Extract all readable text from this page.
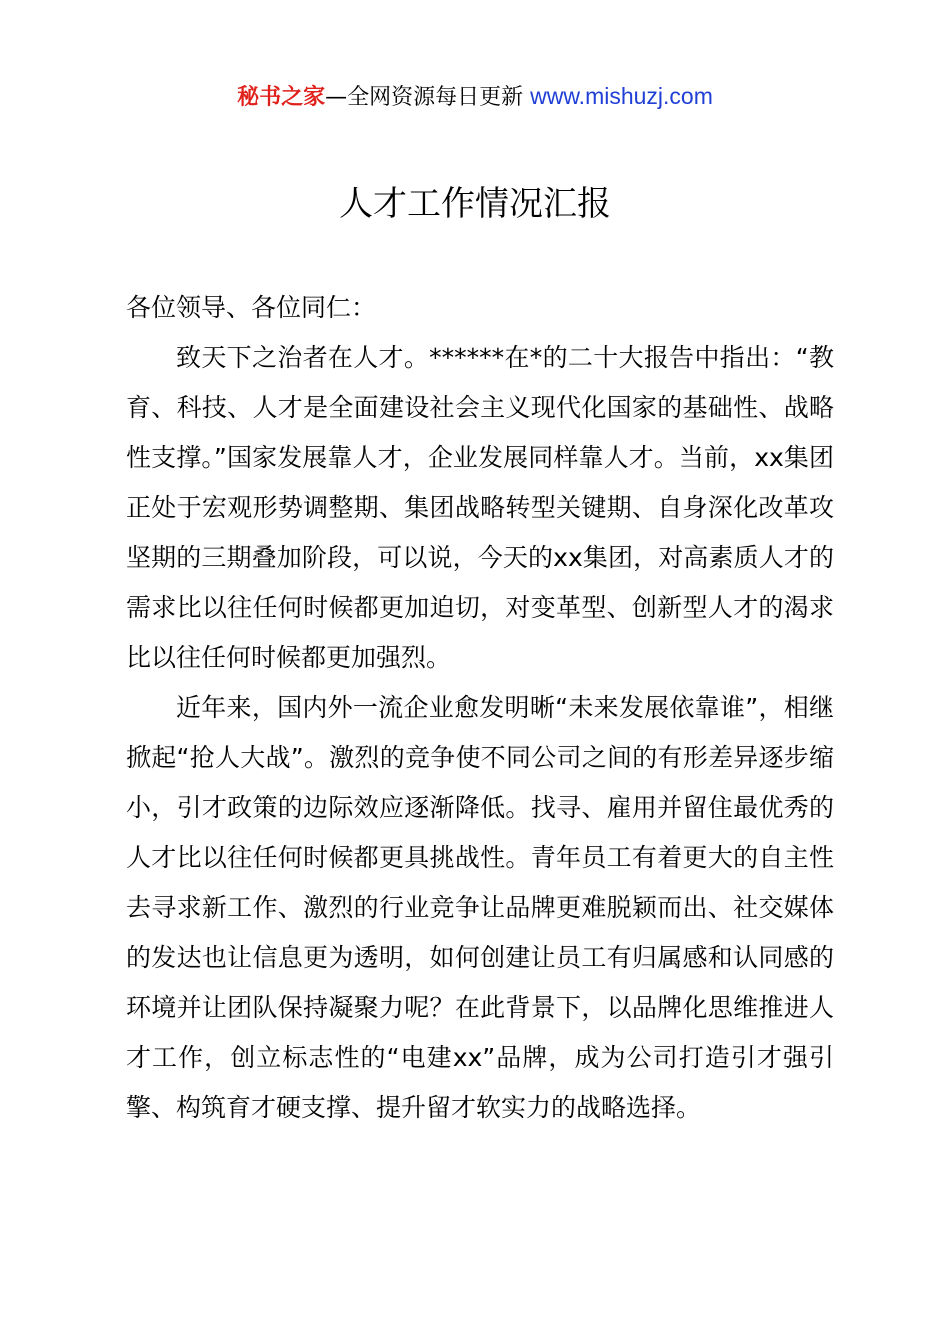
秘书之家—全网资源每日更新 www.mishuzj.com
人才工作情况汇报

各位领导、各位同仁：

致天下之治者在人才。******在*的二十大报告中指出：“教育、科技、人才是全面建设社会主义现代化国家的基础性、战略性支撑。”国家发展靠人才，企业发展同样靠人才。当前，xx集团正处于宏观形势调整期、集团战略转型关键期、自身深化改革攻坚期的三期叠加阶段，可以说，今天的xx集团，对高素质人才的需求比以往任何时候都更加迫切，对变革型、创新型人才的渴求比以往任何时候都更加强烈。

近年来，国内外一流企业愈发明晰“未来发展依靠谁”，相继掀起“抢人大战”。激烈的竞争使不同公司之间的有形差异逐步缩小，引才政策的边际效应逐渐降低。找寻、雇用并留住最优秀的人才比以往任何时候都更具挑战性。青年员工有着更大的自主性去寻求新工作、激烈的行业竞争让品牌更难脱颖而出、社交媒体的发达也让信息更为透明，如何创建让员工有归属感和认同感的环境并让团队保持凝聚力呢？在此背景下，以品牌化思维推进人才工作，创立标志性的“电建xx”品牌，成为公司打造引才强引擎、构筑育才硬支撑、提升留才软实力的战略选择。
